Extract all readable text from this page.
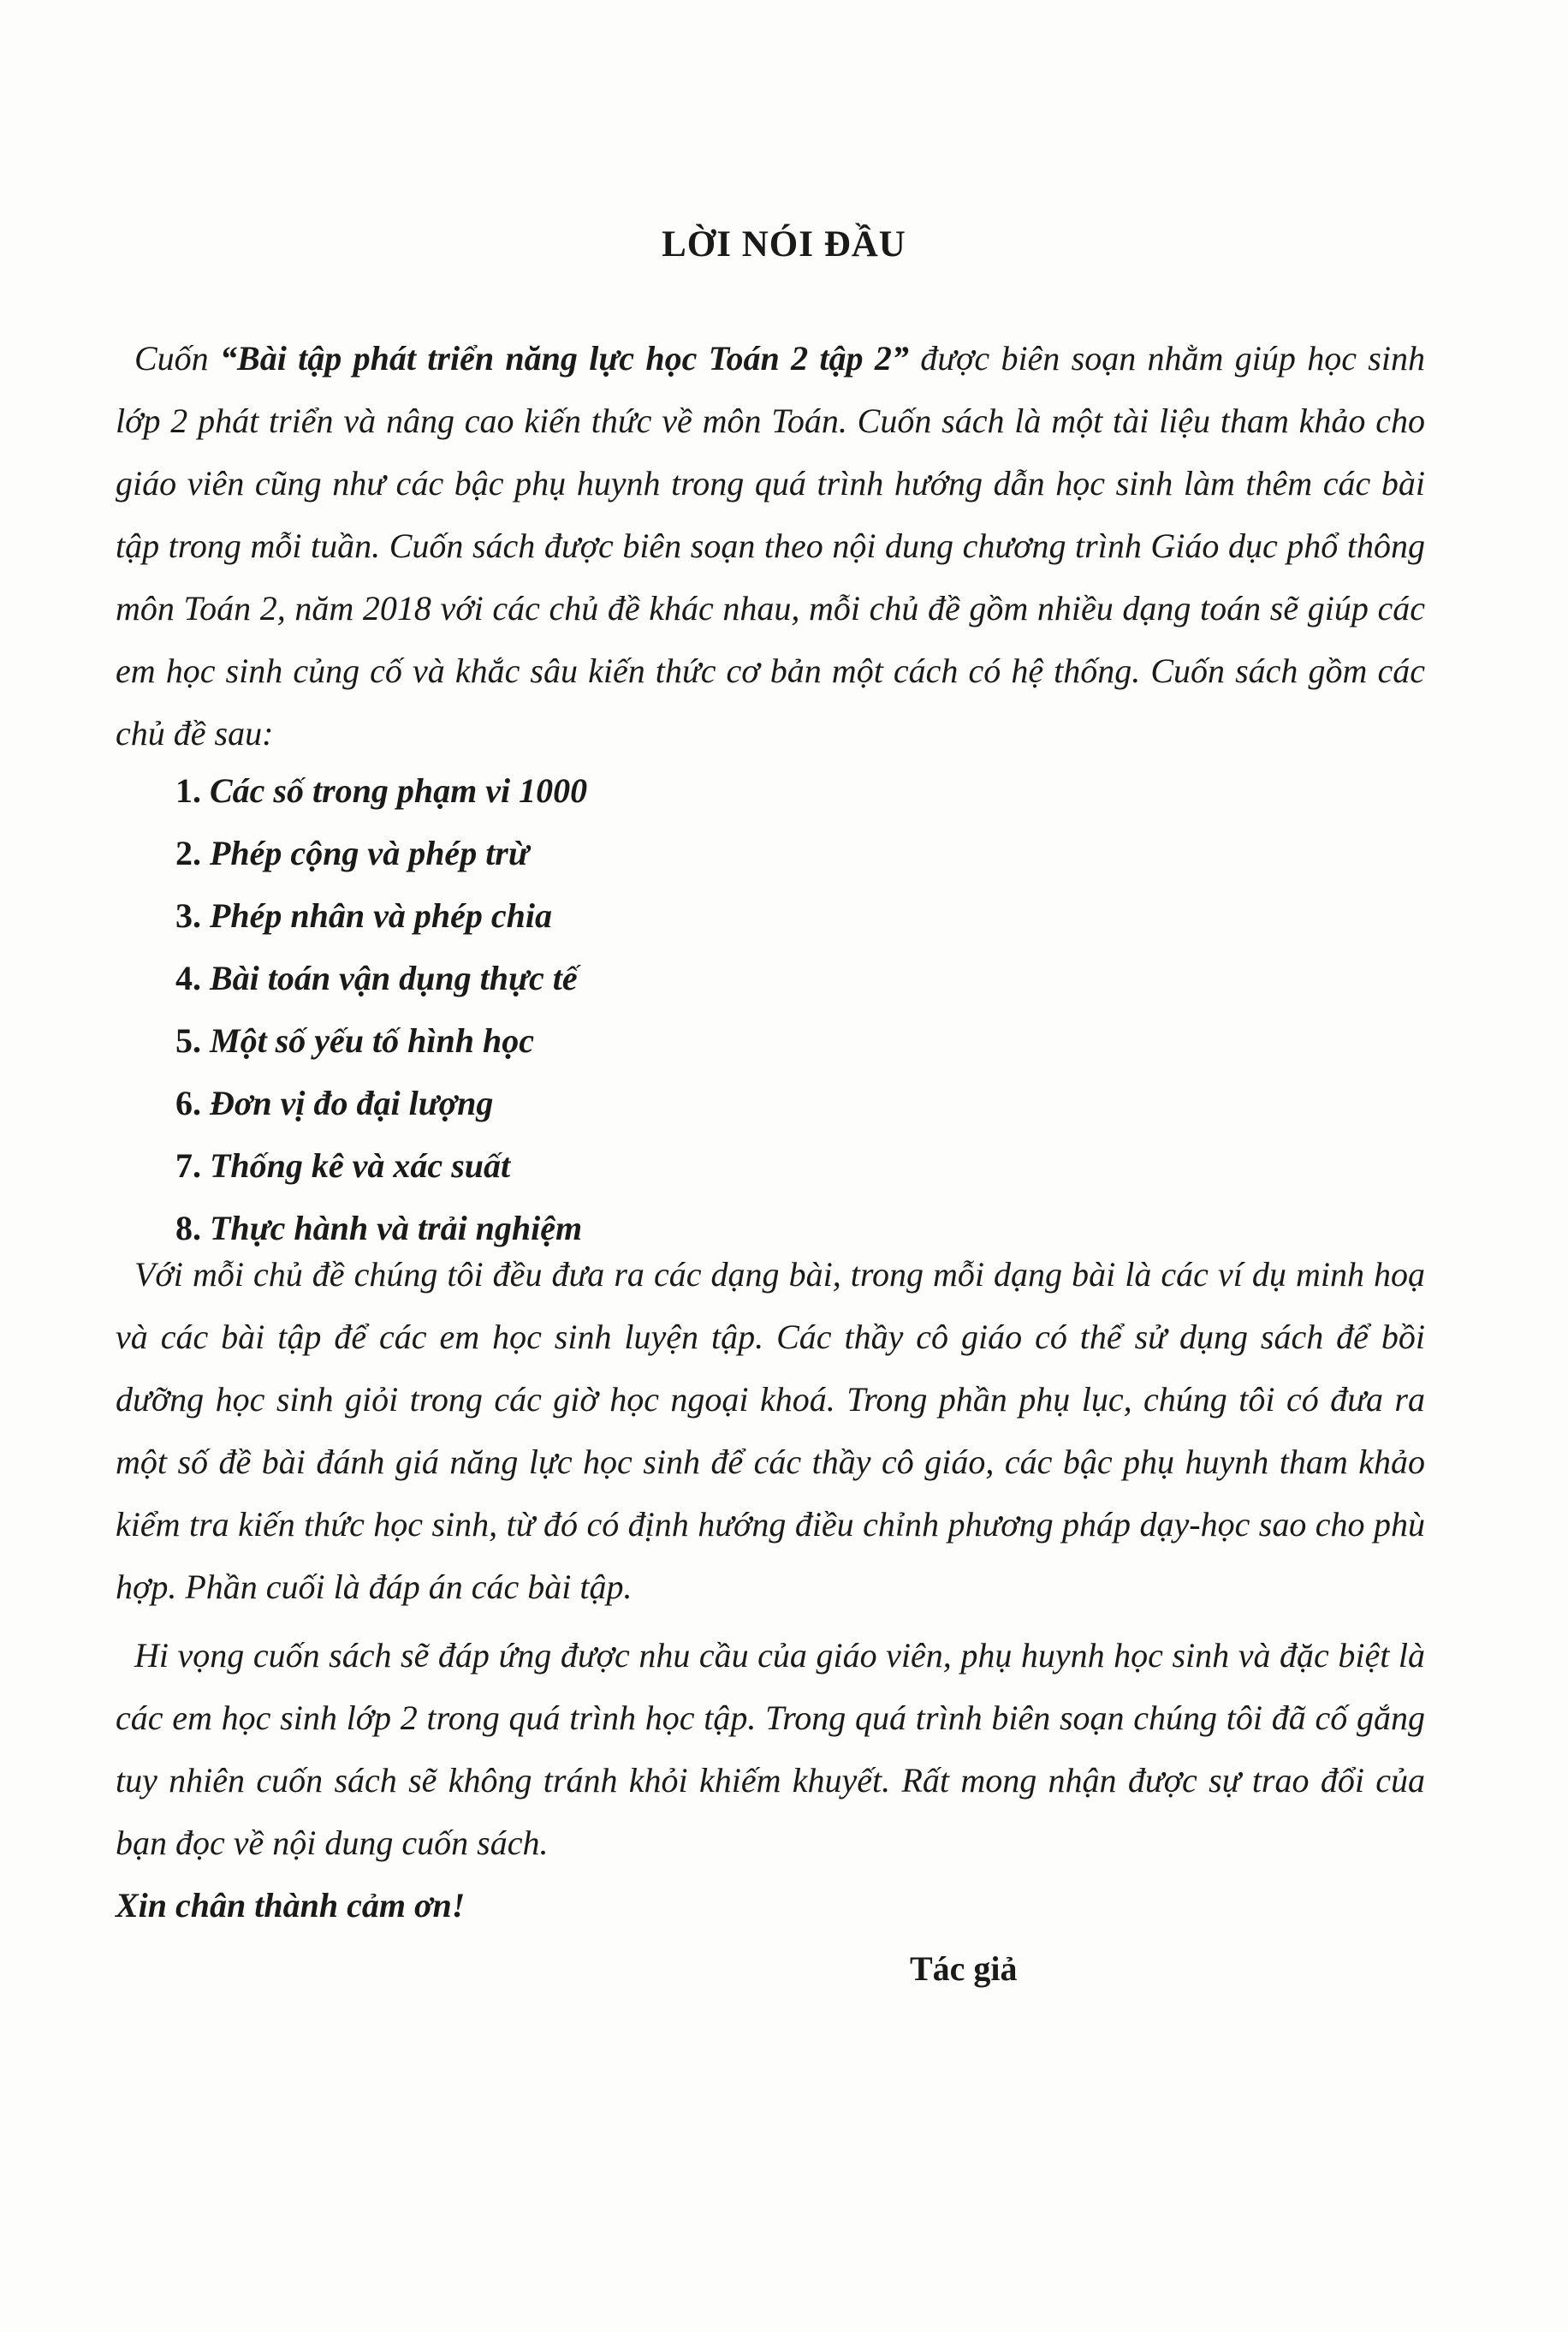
LỜI NÓI ĐẦU

Cuốn “Bài tập phát triển năng lực học Toán 2 tập 2” được biên soạn nhằm giúp học sinh lớp 2 phát triển và nâng cao kiến thức về môn Toán. Cuốn sách là một tài liệu tham khảo cho giáo viên cũng như các bậc phụ huynh trong quá trình hướng dẫn học sinh làm thêm các bài tập trong mỗi tuần. Cuốn sách được biên soạn theo nội dung chương trình Giáo dục phổ thông môn Toán 2, năm 2018 với các chủ đề khác nhau, mỗi chủ đề gồm nhiều dạng toán sẽ giúp các em học sinh củng cố và khắc sâu kiến thức cơ bản một cách có hệ thống. Cuốn sách gồm các chủ đề sau:

1. Các số trong phạm vi 1000
2. Phép cộng và phép trừ
3. Phép nhân và phép chia
4. Bài toán vận dụng thực tế
5. Một số yếu tố hình học
6. Đơn vị đo đại lượng
7. Thống kê và xác suất
8. Thực hành và trải nghiệm

Với mỗi chủ đề chúng tôi đều đưa ra các dạng bài, trong mỗi dạng bài là các ví dụ minh hoạ và các bài tập để các em học sinh luyện tập. Các thầy cô giáo có thể sử dụng sách để bồi dưỡng học sinh giỏi trong các giờ học ngoại khoá. Trong phần phụ lục, chúng tôi có đưa ra một số đề bài đánh giá năng lực học sinh để các thầy cô giáo, các bậc phụ huynh tham khảo kiểm tra kiến thức học sinh, từ đó có định hướng điều chỉnh phương pháp dạy-học sao cho phù hợp. Phần cuối là đáp án các bài tập.

Hi vọng cuốn sách sẽ đáp ứng được nhu cầu của giáo viên, phụ huynh học sinh và đặc biệt là các em học sinh lớp 2 trong quá trình học tập. Trong quá trình biên soạn chúng tôi đã cố gắng tuy nhiên cuốn sách sẽ không tránh khỏi khiếm khuyết. Rất mong nhận được sự trao đổi của bạn đọc về nội dung cuốn sách.

Xin chân thành cảm ơn!

Tác giả
